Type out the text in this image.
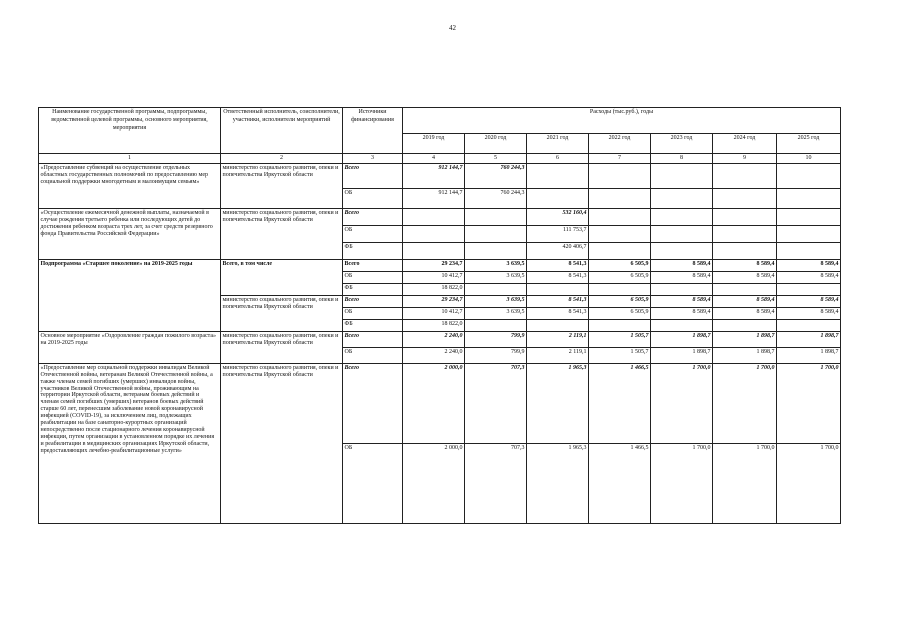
42
Наименование государственной программы, подпрограммы, ведомственной целевой программы, основного мероприятия, мероприятия	Ответственный исполнитель, соисполнители, участники, исполнители мероприятий	Источники финансирования	Расходы (тыс.руб.), годы						
			2019 год	2020 год	2021 год	2022 год	2023 год	2024 год	2025 год
1	2	3	4	5	6	7	8	9	10
«Предоставление субвенций на осуществление отдельных областных государственных полномочий по предоставлению мер социальной поддержки многодетным и малоимущим семьям»	министерство социального развития, опеки и попечительства Иркутской области	Всего	912 144,7	760 244,3					
		ОБ	912 144,7	760 244,3					
«Осуществление ежемесячной денежной выплаты, назначаемой в случае рождения третьего ребенка или последующих детей до достижения ребенком возраста трех лет, за счет средств резервного фонда Правительства Российской Федерации»	министерство социального развития, опеки и попечительства Иркутской области	Всего			532 160,4				
		ОБ			111 753,7				
		ФБ			420 406,7				
Подпрограмма «Старшее поколение» на 2019-2025 годы	Всего, в том числе	Всего	29 234,7	3 639,5	8 541,3	6 505,9	8 589,4	8 589,4	8 589,4
		ОБ	10 412,7	3 639,5	8 541,3	6 505,9	8 589,4	8 589,4	8 589,4
		ФБ	18 822,0						
	министерство социального развития, опеки и попечительства Иркутской области	Всего	29 234,7	3 639,5	8 541,3	6 505,9	8 589,4	8 589,4	8 589,4
		ОБ	10 412,7	3 639,5	8 541,3	6 505,9	8 589,4	8 589,4	8 589,4
		ФБ	18 822,0						
Основное мероприятие «Оздоровление граждан пожилого возраста» на 2019-2025 годы	министерство социального развития, опеки и попечительства Иркутской области	Всего	2 240,0	799,9	2 119,1	1 505,7	1 898,7	1 898,7	1 898,7
		ОБ	2 240,0	799,9	2 119,1	1 505,7	1 898,7	1 898,7	1 898,7
«Предоставление мер социальной поддержки инвалидам Великой Отечественной войны, ветеранам Великой Отечественной войны, а также членам семей погибших (умерших) инвалидов войны, участников Великой Отечественной войны, проживающим на территории Иркутской области, ветеранам боевых действий и членам семей погибших (умерших) ветеранов боевых действий старше 60 лет, перенесшим заболевание новой коронавирусной инфекцией (COVID-19), за исключением лиц, подлежащих реабилитации на базе санаторно-курортных организаций непосредственно после стационарного лечения коронавирусной инфекции, путем организации в установленном порядке их лечения и реабилитации в медицинских организациях Иркутской области, предоставляющих лечебно-реабилитационные услуги»	министерство социального развития, опеки и попечительства Иркутской области	Всего	2 000,0	707,3	1 965,3	1 466,5	1 700,0	1 700,0	1 700,0
		ОБ	2 000,0	707,3	1 965,3	1 466,5	1 700,0	1 700,0	1 700,0
